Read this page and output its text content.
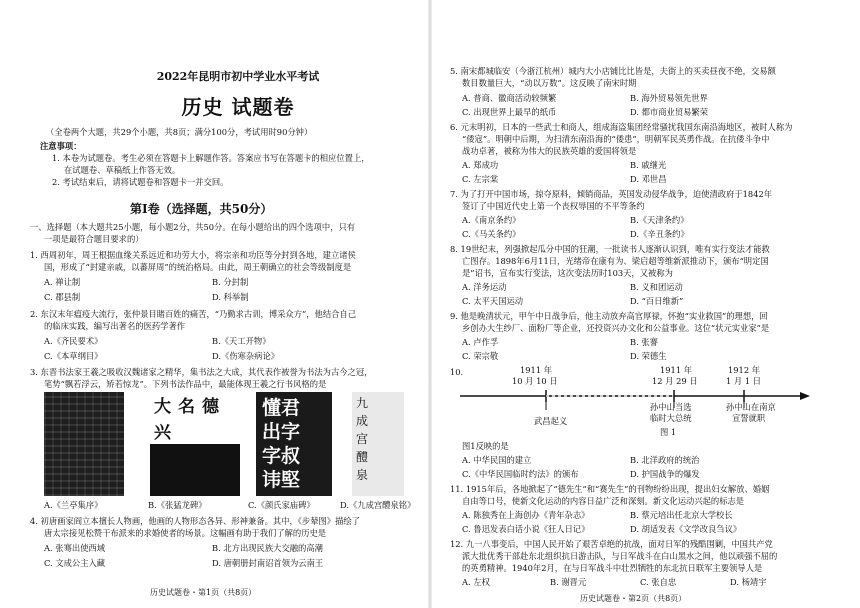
2022年昆明市初中学业水平考试
历史 试题卷
（全卷两个大题，共29个小题，共8页；满分100分，考试用时90分钟）
注意事项：
1. 本卷为试题卷。考生必须在答题卡上解题作答。答案应书写在答题卡的相应位置上，
在试题卷、草稿纸上作答无效。
2. 考试结束后，请将试题卷和答题卡一并交回。
第Ⅰ卷（选择题，共50分）
一、选择题（本大题共25小题，每小题2分，共50分。在每小题给出的四个选项中，只有
一项是最符合题目要求的）
1. 西周初年，周王根据血缘关系远近和功劳大小，将宗亲和功臣等分封到各地，建立诸侯
国，形成了“封建亲戚，以蕃屏周”的统治格局。由此，周王朝确立的社会等级制度是
A. 禅让制	B. 分封制
C. 郡县制	D. 科举制
2. 东汉末年瘟疫大流行，张仲景目睹百姓的痛苦，“乃勤求古训，博采众方”，他结合自己
的临床实践，编写出著名的医药学著作
A.《齐民要术》	B.《天工开物》
C.《本草纲目》	D.《伤寒杂病论》
3. 东晋书法家王羲之吸收汉魏诸家之精华，集书法之大成，其代表作被誉为书法为古今之冠，
笔势“飘若浮云，矫若惊龙”。下列书法作品中，最能体现王羲之行书风格的是
大 名 德
兴
懂君
出字
字叔
讳堅
九
成
宫
醴
泉
A.《兰亭集序》	B.《张猛龙碑》	C.《颜氏家庙碑》	D.《九成宫醴泉铭》
4. 初唐画家阎立本擅长人物画，他画的人物形态各异、形神兼备。其中，《步辇图》描绘了
唐太宗接见松赞干布派来的求婚使者的场景。这幅画有助于我们了解的历史是
A. 张骞出使西域	B. 北方出现民族大交融的高潮
C. 文成公主入藏	D. 唐朝册封南诏首领为云南王
历史试题卷・第1页（共8页）
5. 南宋都城临安（今浙江杭州）城内大小店铺比比皆是，夫街上的买卖昼夜不绝，交易额
数目数量巨大，“动以万数”。这反映了南宋时期
A. 普商、徽商活动较频繁	B. 海外贸易领先世界
C. 出现世界上最早的纸币	D. 都市商业贸易繁荣
6. 元末明初，日本的一些武士和商人，组成海盗集团经常骚扰我国东南沿海地区，被时人称为
“倭寇”。明朝中后期，为扫清东南沿海的“倭患”，明朝军民英勇作战。在抗倭斗争中
战功卓著，被称为伟大的民族英雄的爱国将领是
A. 郑成功	B. 戚继光
C. 左宗棠	D. 邓世昌
7. 为了打开中国市场，掠夺原料，倾销商品，英国发动侵华战争，迫使清政府于1842年
签订了中国近代史上第一个丧权辱国的不平等条约
A.《南京条约》	B.《天津条约》
C.《马关条约》	D.《辛丑条约》
8. 19世纪末，列强掀起瓜分中国的狂潮，一批读书人逐渐认识到，唯有实行变法才能救
亡图存。1898年6月11日，光绪帝在康有为、梁启超等维新派推动下，颁布“明定国
是”诏书，宣布实行变法，这次变法历时103天，又被称为
A. 洋务运动	B. 义和团运动
C. 太平天国运动	D. “百日维新”
9. 他是晚清状元，甲午中日战争后，他主动放弃高官厚禄，怀抱“实业救国”的理想，回
乡创办大生纱厂、面粉厂等企业，还投资兴办文化和公益事业。这位“状元实业家”是
A. 卢作孚	B. 张謇
C. 荣宗敬	D. 荣德生
10.	1911 年
10 月 10 日
1911 年
12 月 29 日
1912 年
1 月 1 日
武昌起义
孙中山当选
临时大总统
孙中山在南京
宣誓就职
图 1
图1反映的是
A. 中华民国的建立	B. 北洋政府的统治
C.《中华民国临时约法》的颁布	D. 护国战争的爆发
11. 1915年后，各地掀起了“德先生”和“赛先生”的刊物纷纷出现，提出妇女解放、婚姻
自由等口号，使新文化运动的内容日益广泛和深刻。新文化运动兴起的标志是
A. 陈独秀在上海创办《青年杂志》	B. 蔡元培出任北京大学校长
C. 鲁迅发表白话小说《狂人日记》	D. 胡适发表《文学改良刍议》
12. 九一八事变后，中国人民开始了艰苦卓绝的抗战，面对日军的残酷围剿，中国共产党
派大批优秀干部赴东北组织抗日游击队，与日军战斗在白山黑水之间，他以顽强不屈的
的英勇精神。1940年2月，在与日军战斗中壮烈牺牲的东北抗日联军主要领导人是
A. 左权	B. 谢晋元	C. 张自忠	D. 杨靖宇
历史试题卷・第2页（共8页）
